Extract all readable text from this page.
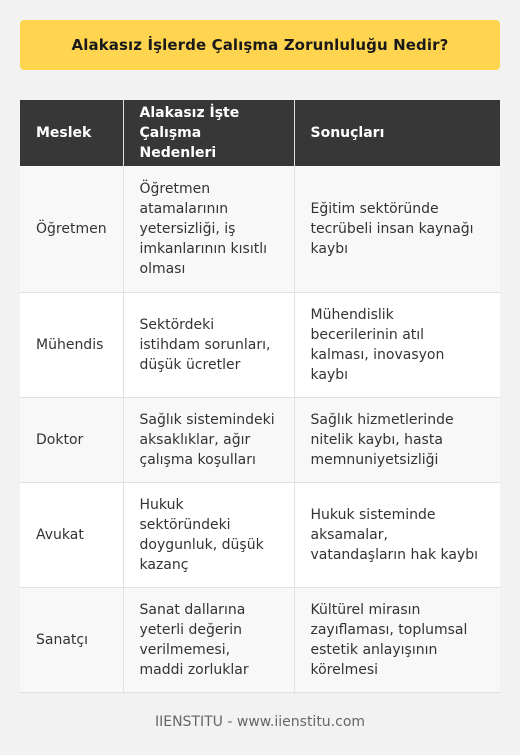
Alakasız İşlerde Çalışma Zorunluluğu Nedir?
Meslek	Alakasız İşte Çalışma Nedenleri	Sonuçları
Öğretmen	Öğretmen atamalarının yetersizliği, iş imkanlarının kısıtlı olması	Eğitim sektöründe tecrübeli insan kaynağı kaybı
Mühendis	Sektördeki istihdam sorunları, düşük ücretler	Mühendislik becerilerinin atıl kalması, inovasyon kaybı
Doktor	Sağlık sistemindeki aksaklıklar, ağır çalışma koşulları	Sağlık hizmetlerinde nitelik kaybı, hasta memnuniyetsizliği
Avukat	Hukuk sektöründeki doygunluk, düşük kazanç	Hukuk sisteminde aksamalar, vatandaşların hak kaybı
Sanatçı	Sanat dallarına yeterli değerin verilmemesi, maddi zorluklar	Kültürel mirasın zayıflaması, toplumsal estetik anlayışının körelmesi
IIENSTITU - www.iienstitu.com
